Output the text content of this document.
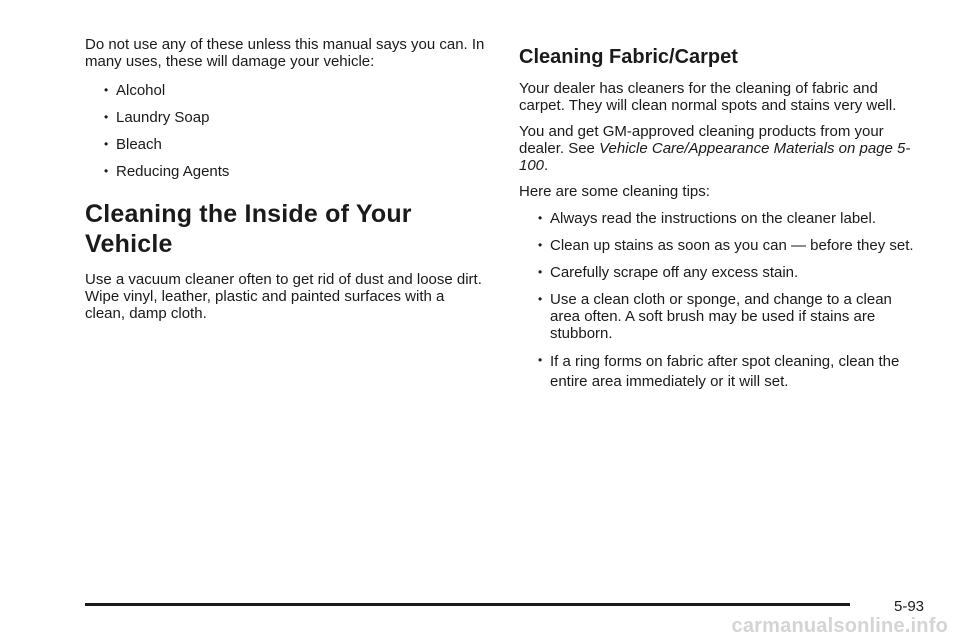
Do not use any of these unless this manual says you can. In many uses, these will damage your vehicle:

• Alcohol
• Laundry Soap
• Bleach
• Reducing Agents
Cleaning the Inside of Your Vehicle

Use a vacuum cleaner often to get rid of dust and loose dirt. Wipe vinyl, leather, plastic and painted surfaces with a clean, damp cloth.

Cleaning Fabric/Carpet

Your dealer has cleaners for the cleaning of fabric and carpet. They will clean normal spots and stains very well.

You and get GM-approved cleaning products from your dealer. See Vehicle Care/Appearance Materials on page 5-100.

Here are some cleaning tips:

• Always read the instructions on the cleaner label.
• Clean up stains as soon as you can — before they set.
• Carefully scrape off any excess stain.
• Use a clean cloth or sponge, and change to a clean area often. A soft brush may be used if stains are stubborn.
• If a ring forms on fabric after spot cleaning, clean the entire area immediately or it will set.
5-93
carmanualsonline.info
